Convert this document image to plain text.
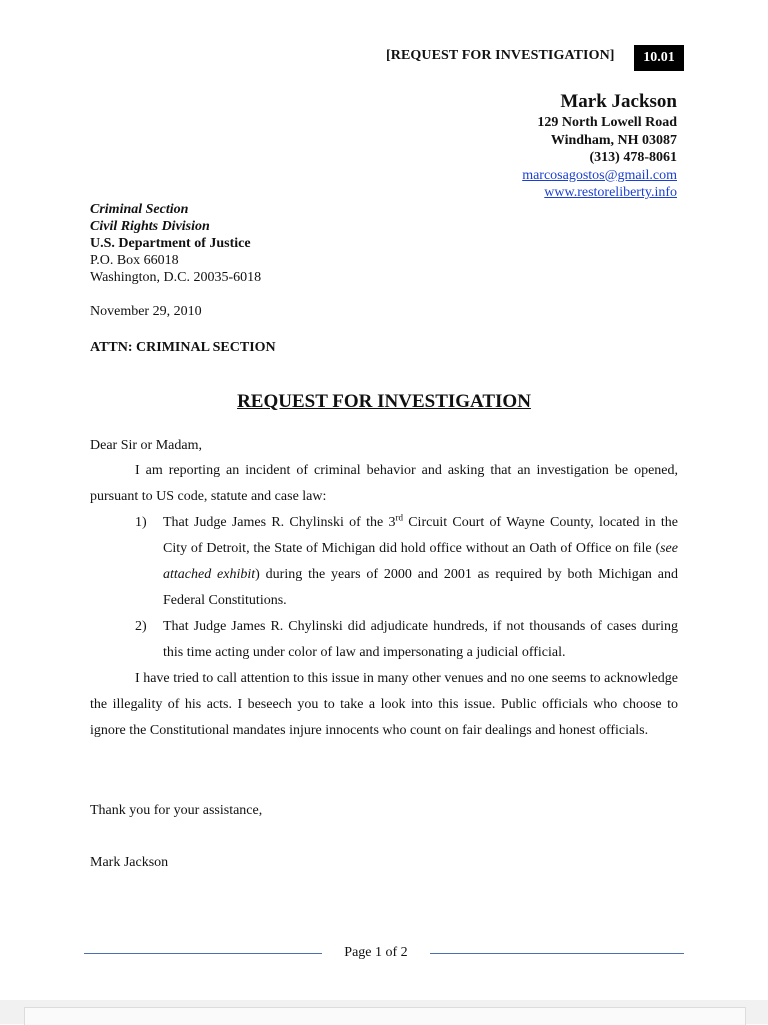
[REQUEST FOR INVESTIGATION]	10.01
Mark Jackson
129 North Lowell Road
Windham, NH 03087
(313) 478-8061
marcosagostos@gmail.com
www.restoreliberty.info
Criminal Section
Civil Rights Division
U.S. Department of Justice
P.O. Box 66018
Washington, D.C. 20035-6018
November 29, 2010
ATTN: CRIMINAL SECTION
REQUEST FOR INVESTIGATION
Dear Sir or Madam,
I am reporting an incident of criminal behavior and asking that an investigation be opened, pursuant to US code, statute and case law:
1) That Judge James R. Chylinski of the 3rd Circuit Court of Wayne County, located in the City of Detroit, the State of Michigan did hold office without an Oath of Office on file (see attached exhibit) during the years of 2000 and 2001 as required by both Michigan and Federal Constitutions.
2) That Judge James R. Chylinski did adjudicate hundreds, if not thousands of cases during this time acting under color of law and impersonating a judicial official.
I have tried to call attention to this issue in many other venues and no one seems to acknowledge the illegality of his acts. I beseech you to take a look into this issue. Public officials who choose to ignore the Constitutional mandates injure innocents who count on fair dealings and honest officials.
Thank you for your assistance,
Mark Jackson
Page 1 of 2
